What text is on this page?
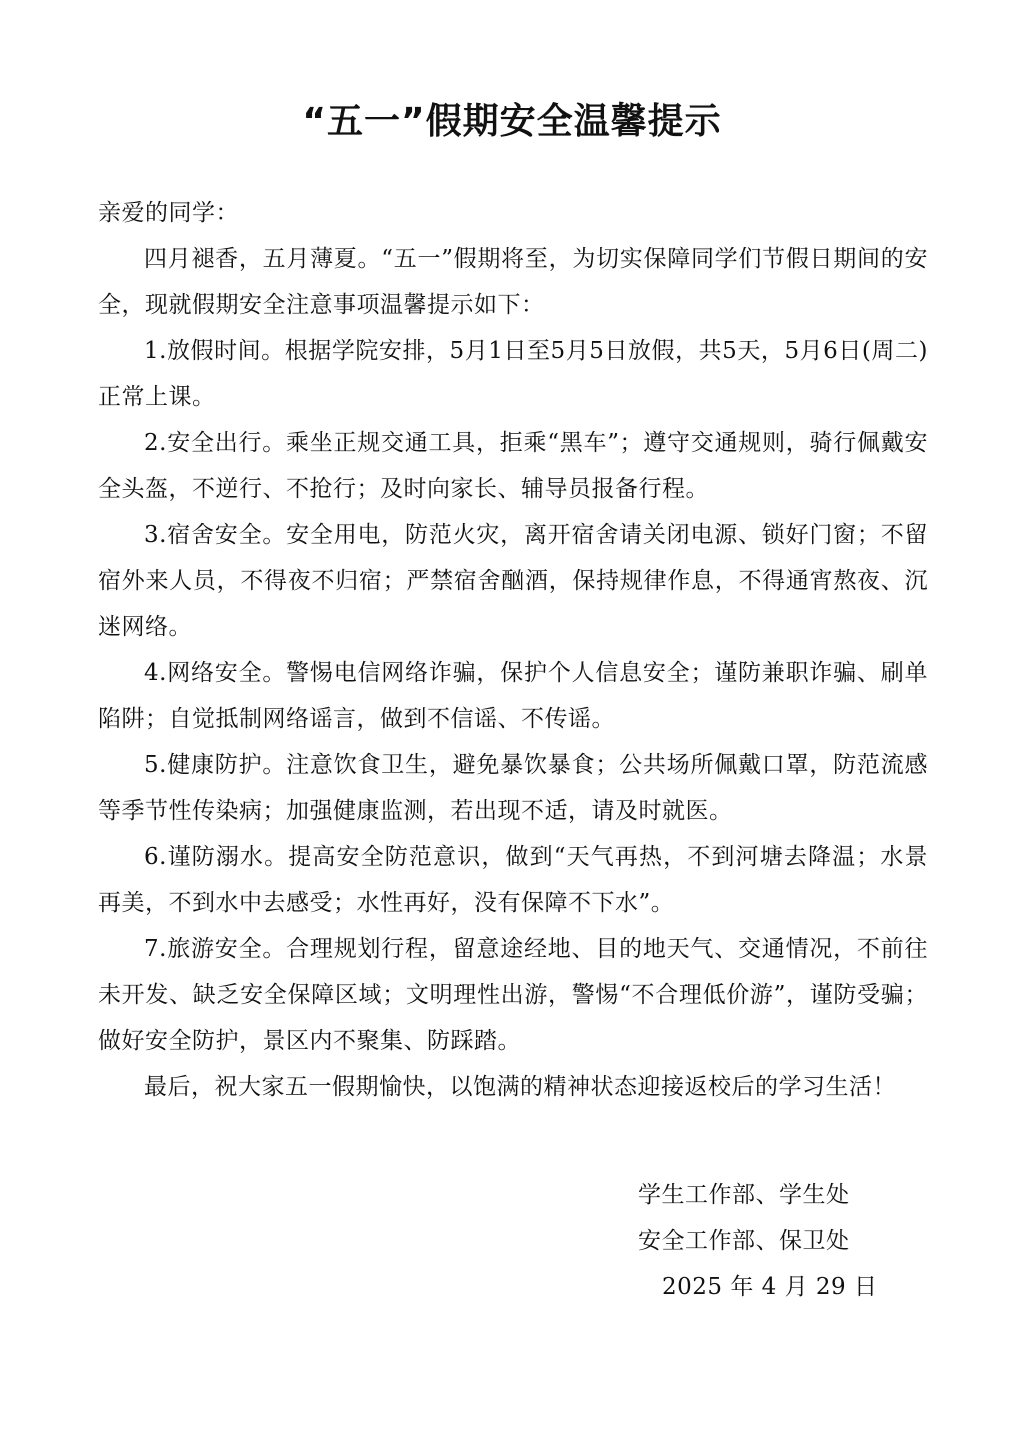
“五一”假期安全温馨提示

亲爱的同学：

四月褪香，五月薄夏。“五一”假期将至，为切实保障同学们节假日期间的安全，现就假期安全注意事项温馨提示如下：

1.放假时间。根据学院安排，5月1日至5月5日放假，共5天，5月6日(周二)正常上课。

2.安全出行。乘坐正规交通工具，拒乘“黑车”；遵守交通规则，骑行佩戴安全头盔，不逆行、不抢行；及时向家长、辅导员报备行程。

3.宿舍安全。安全用电，防范火灾，离开宿舍请关闭电源、锁好门窗；不留宿外来人员，不得夜不归宿；严禁宿舍酗酒，保持规律作息，不得通宵熬夜、沉迷网络。

4.网络安全。警惕电信网络诈骗，保护个人信息安全；谨防兼职诈骗、刷单陷阱；自觉抵制网络谣言，做到不信谣、不传谣。

5.健康防护。注意饮食卫生，避免暴饮暴食；公共场所佩戴口罩，防范流感等季节性传染病；加强健康监测，若出现不适，请及时就医。

6.谨防溺水。提高安全防范意识，做到“天气再热，不到河塘去降温；水景再美，不到水中去感受；水性再好，没有保障不下水”。

7.旅游安全。合理规划行程，留意途经地、目的地天气、交通情况，不前往未开发、缺乏安全保障区域；文明理性出游，警惕“不合理低价游”，谨防受骗；做好安全防护，景区内不聚集、防踩踏。

最后，祝大家五一假期愉快，以饱满的精神状态迎接返校后的学习生活！

学生工作部、学生处
安全工作部、保卫处
2025 年 4 月 29 日
